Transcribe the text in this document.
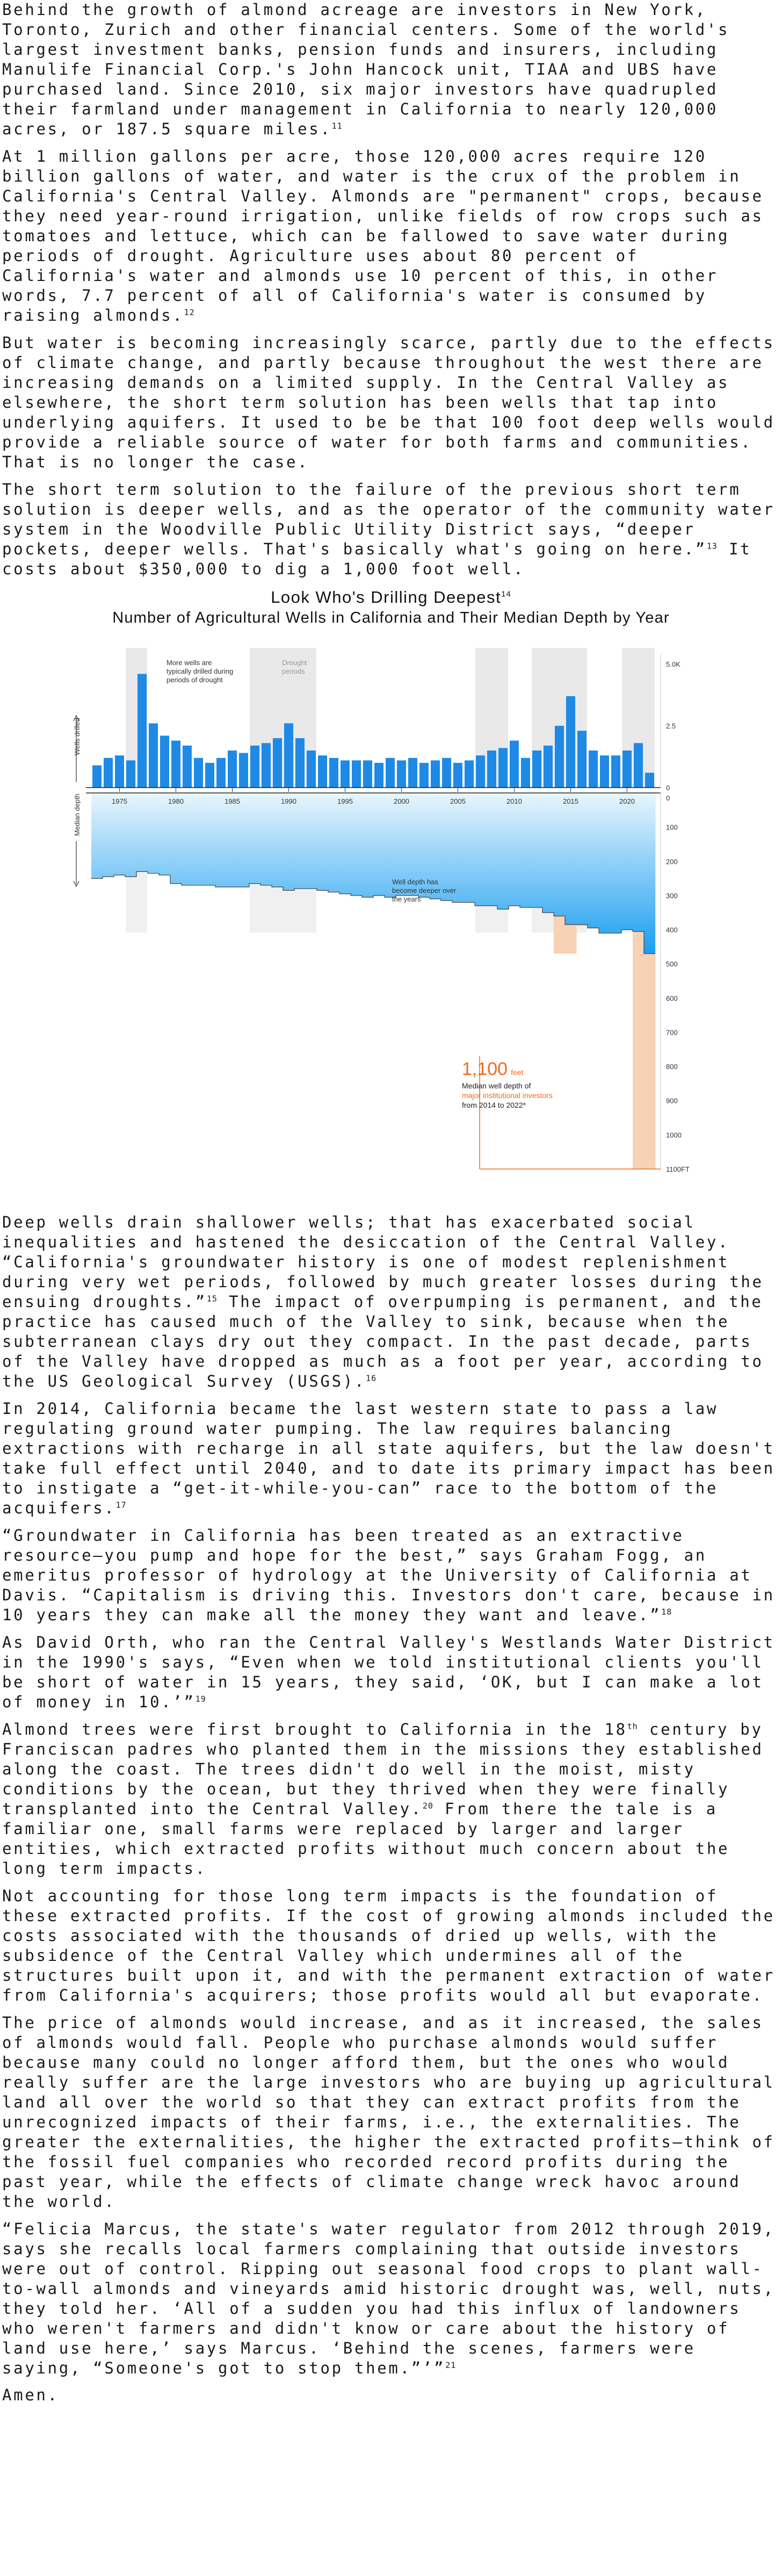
Behind the growth of almond acreage are investors in New York, Toronto, Zurich and other financial centers. Some of the world's largest investment banks, pension funds and insurers, including Manulife Financial Corp.'s John Hancock unit, TIAA and UBS have purchased land. Since 2010, six major investors have quadrupled their farmland under management in California to nearly 120,000 acres, or 187.5 square miles.$^{11}$

At 1 million gallons per acre, those 120,000 acres require 120 billion gallons of water, and water is the crux of the problem in California's Central Valley. Almonds are "permanent" crops, because they need year-round irrigation, unlike fields of row crops such as tomatoes and lettuce, which can be fallowed to save water during periods of drought. Agriculture uses about 80 percent of California's water and almonds use 10 percent of this, in other words, 7.7 percent of all of California's water is consumed by raising almonds.$^{12}$

But water is becoming increasingly scarce, partly due to the effects of climate change, and partly because throughout the west there are increasing demands on a limited supply. In the Central Valley as elsewhere, the short term solution has been wells that tap into underlying aquifers. It used to be be that 100 foot deep wells would provide a reliable source of water for both farms and communities. That is no longer the case.

The short term solution to the failure of the previous short term solution is deeper wells, and as the operator of the community water system in the Woodville Public Utility District says, “deeper pockets, deeper wells. That's basically what's going on here.”$^{13}$ It costs about $350,000 to dig a 1,000 foot well.

Look Who's Drilling Deepest$^{14}$

Number of Agricultural Wells in California and Their Median Depth by Year

1975	1980	1985	1990	1995	2000	2005	2010	2015	2020
5.0K
2.5
0
0
100
200
300
400
500
600
700
800
900
1000
1100FT
Wells drilled
Median depth
More wells are typically drilled during periods of drought
Drought periods
Well depth has become deeper over the years
1,100 feet
Median well depth of
major institutional investors
from 2014 to 2022*

Deep wells drain shallower wells; that has exacerbated social inequalities and hastened the desiccation of the Central Valley. “California's groundwater history is one of modest replenishment during very wet periods, followed by much greater losses during the ensuing droughts.”$^{15}$ The impact of overpumping is permanent, and the practice has caused much of the Valley to sink, because when the subterranean clays dry out they compact. In the past decade, parts of the Valley have dropped as much as a foot per year, according to the US Geological Survey (USGS).$^{16}$

In 2014, California became the last western state to pass a law regulating ground water pumping. The law requires balancing extractions with recharge in all state aquifers, but the law doesn't take full effect until 2040, and to date its primary impact has been to instigate a “get-it-while-you-can” race to the bottom of the acquifers.$^{17}$

“Groundwater in California has been treated as an extractive resource—you pump and hope for the best,” says Graham Fogg, an emeritus professor of hydrology at the University of California at Davis. “Capitalism is driving this. Investors don't care, because in 10 years they can make all the money they want and leave.”$^{18}$

As David Orth, who ran the Central Valley's Westlands Water District in the 1990's says, “Even when we told institutional clients you'll be short of water in 15 years, they said, ‘OK, but I can make a lot of money in 10.’”$^{19}$

Almond trees were first brought to California in the 18th century by Franciscan padres who planted them in the missions they established along the coast. The trees didn't do well in the moist, misty conditions by the ocean, but they thrived when they were finally transplanted into the Central Valley.$^{20}$ From there the tale is a familiar one, small farms were replaced by larger and larger entities, which extracted profits without much concern about the long term impacts.

Not accounting for those long term impacts is the foundation of these extracted profits. If the cost of growing almonds included the costs associated with the thousands of dried up wells, with the subsidence of the Central Valley which undermines all of the structures built upon it, and with the permanent extraction of water from California's acquirers; those profits would all but evaporate.

The price of almonds would increase, and as it increased, the sales of almonds would fall. People who purchase almonds would suffer because many could no longer afford them, but the ones who would really suffer are the large investors who are buying up agricultural land all over the world so that they can extract profits from the unrecognized impacts of their farms, i.e., the externalities. The greater the externalities, the higher the extracted profits–think of the fossil fuel companies who recorded record profits during the past year, while the effects of climate change wreck havoc around the world.

“Felicia Marcus, the state's water regulator from 2012 through 2019, says she recalls local farmers complaining that outside investors were out of control. Ripping out seasonal food crops to plant wall-to-wall almonds and vineyards amid historic drought was, well, nuts, they told her. ‘All of a sudden you had this influx of landowners who weren't farmers and didn't know or care about the history of land use here,’ says Marcus. ‘Behind the scenes, farmers were saying, “Someone's got to stop them.”’”$^{21}$

Amen.
